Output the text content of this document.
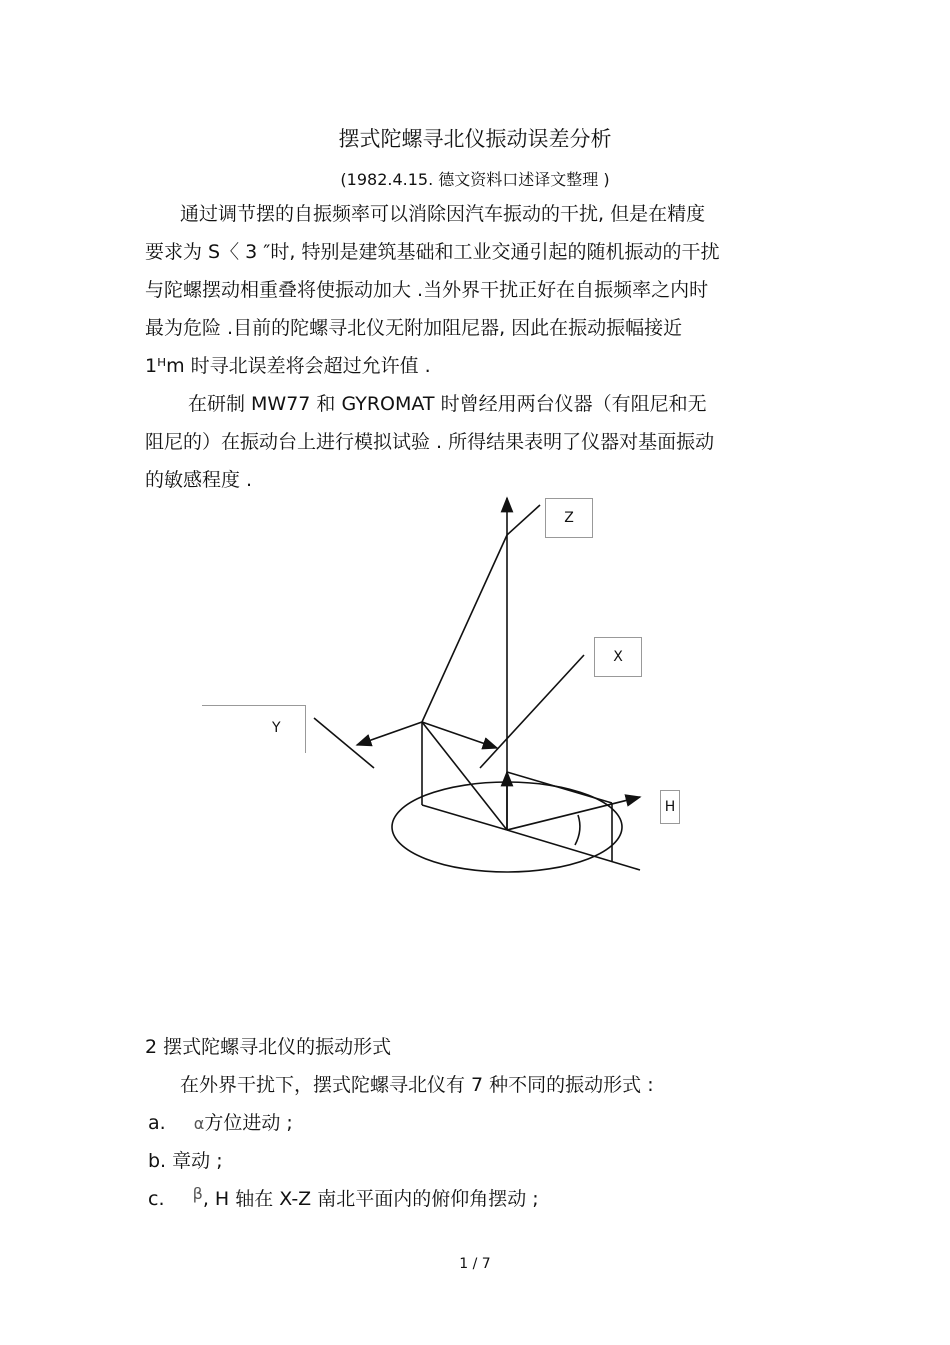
摆式陀螺寻北仪振动误差分析
(1982.4.15. 德文资料口述译文整理 )
通过调节摆的自振频率可以消除因汽车振动的干扰, 但是在精度
要求为 S〈 3 ″时, 特别是建筑基础和工业交通引起的随机振动的干扰
与陀螺摆动相重叠将使振动加大 .当外界干扰正好在自振频率之内时
最为危险 .目前的陀螺寻北仪无附加阻尼器, 因此在振动振幅接近
1ᴴm 时寻北误差将会超过允许值 .
在研制 MW77 和 GYROMAT 时曾经用两台仪器（有阻尼和无
阻尼的）在振动台上进行模拟试验 . 所得结果表明了仪器对基面振动
的敏感程度 .
Z
X
Y
H
2 摆式陀螺寻北仪的振动形式
在外界干扰下，摆式陀螺寻北仪有 7 种不同的振动形式 :
a. α方位进动 ;
b. 章动 ;
c. $^\beta$, H 轴在 X-Z 南北平面内的俯仰角摆动 ;
1 / 7
